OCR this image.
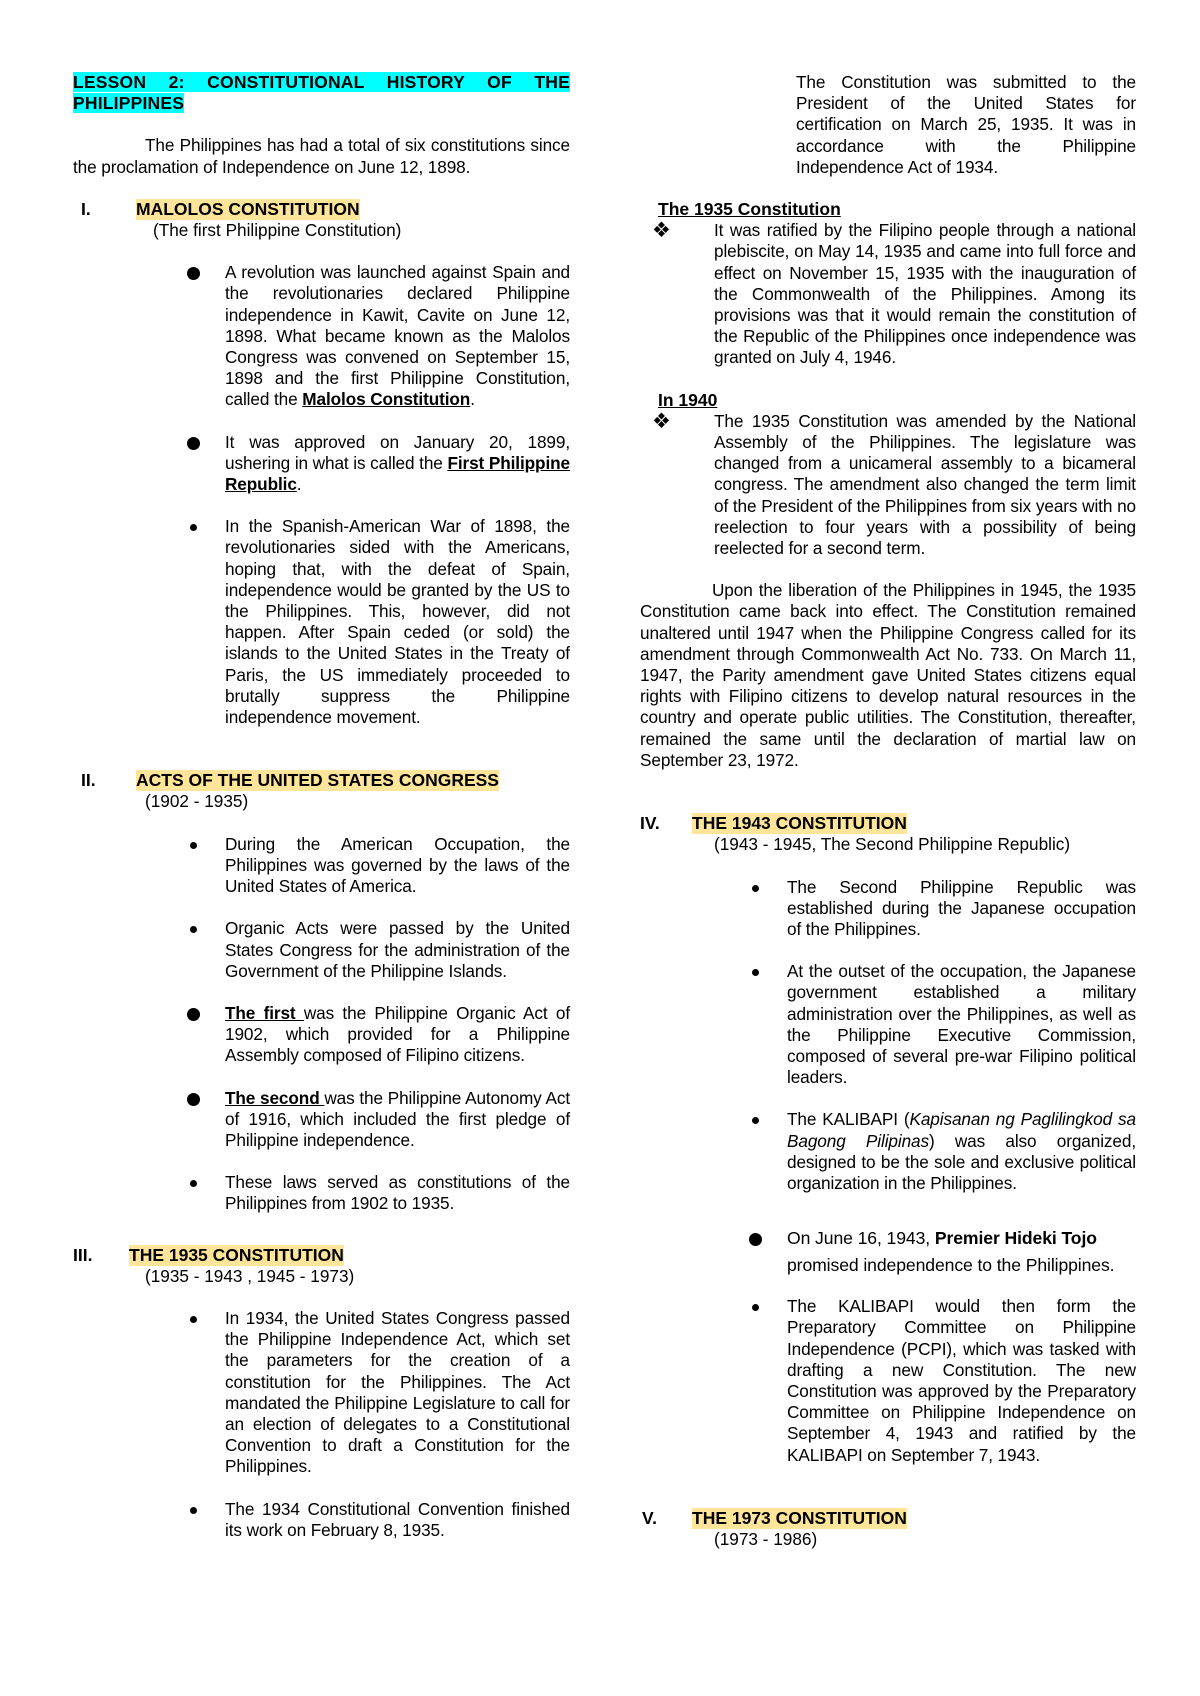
LESSON 2: CONSTITUTIONAL HISTORY OF THE PHILIPPINES

The Philippines has had a total of six constitutions since the proclamation of Independence on June 12, 1898.

I.	MALOLOS CONSTITUTION

(The first Philippine Constitution)

A revolution was launched against Spain and the revolutionaries declared Philippine independence in Kawit, Cavite on June 12, 1898. What became known as the Malolos Congress was convened on September 15, 1898 and the first Philippine Constitution, called the Malolos Constitution.
It was approved on January 20, 1899, ushering in what is called the First Philippine Republic.
In the Spanish-American War of 1898, the revolutionaries sided with the Americans, hoping that, with the defeat of Spain, independence would be granted by the US to the Philippines. This, however, did not happen. After Spain ceded (or sold) the islands to the United States in the Treaty of Paris, the US immediately proceeded to brutally suppress the Philippine independence movement.
II.	ACTS OF THE UNITED STATES CONGRESS

(1902 - 1935)

During the American Occupation, the Philippines was governed by the laws of the United States of America.
Organic Acts were passed by the United States Congress for the administration of the Government of the Philippine Islands.
The first was the Philippine Organic Act of 1902, which provided for a Philippine Assembly composed of Filipino citizens.
The second was the Philippine Autonomy Act of 1916, which included the first pledge of Philippine independence.
These laws served as constitutions of the Philippines from 1902 to 1935.
III.	THE 1935 CONSTITUTION

(1935 - 1943 , 1945 - 1973)

In 1934, the United States Congress passed the Philippine Independence Act, which set the parameters for the creation of a constitution for the Philippines. The Act mandated the Philippine Legislature to call for an election of delegates to a Constitutional Convention to draft a Constitution for the Philippines.
The 1934 Constitutional Convention finished its work on February 8, 1935.

The Constitution was submitted to the President of the United States for certification on March 25, 1935. It was in accordance with the Philippine Independence Act of 1934.

The 1935 Constitution

❖	It was ratified by the Filipino people through a national plebiscite, on May 14, 1935 and came into full force and effect on November 15, 1935 with the inauguration of the Commonwealth of the Philippines. Among its provisions was that it would remain the constitution of the Republic of the Philippines once independence was granted on July 4, 1946.

In 1940

❖	The 1935 Constitution was amended by the National Assembly of the Philippines. The legislature was changed from a unicameral assembly to a bicameral congress. The amendment also changed the term limit of the President of the Philippines from six years with no reelection to four years with a possibility of being reelected for a second term.

Upon the liberation of the Philippines in 1945, the 1935 Constitution came back into effect. The Constitution remained unaltered until 1947 when the Philippine Congress called for its amendment through Commonwealth Act No. 733. On March 11, 1947, the Parity amendment gave United States citizens equal rights with Filipino citizens to develop natural resources in the country and operate public utilities. The Constitution, thereafter, remained the same until the declaration of martial law on September 23, 1972.

IV.	THE 1943 CONSTITUTION

(1943 - 1945, The Second Philippine Republic)

The Second Philippine Republic was established during the Japanese occupation of the Philippines.
At the outset of the occupation, the Japanese government established a military administration over the Philippines, as well as the Philippine Executive Commission, composed of several pre-war Filipino political leaders.
The KALIBAPI (Kapisanan ng Paglilingkod sa Bagong Pilipinas) was also organized, designed to be the sole and exclusive political organization in the Philippines.
On June 16, 1943, Premier Hideki Tojo
promised independence to the Philippines.
The KALIBAPI would then form the Preparatory Committee on Philippine Independence (PCPI), which was tasked with drafting a new Constitution. The new Constitution was approved by the Preparatory Committee on Philippine Independence on September 4, 1943 and ratified by the KALIBAPI on September 7, 1943.
V.	THE 1973 CONSTITUTION

(1973 - 1986)
